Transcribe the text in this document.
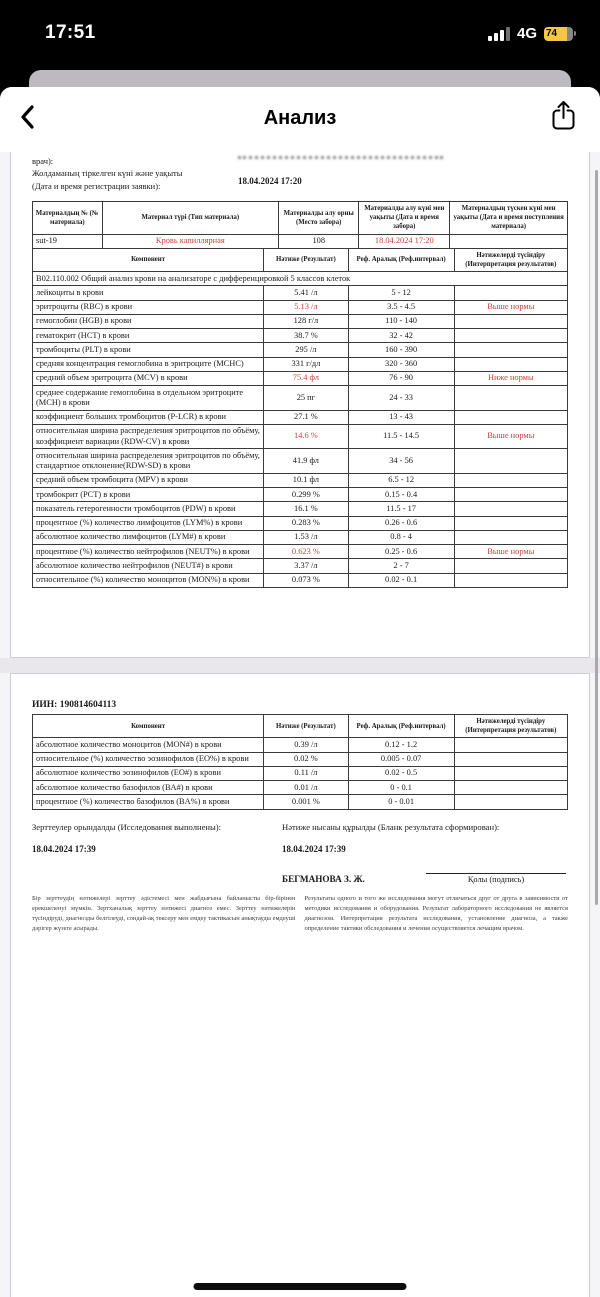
17:51	4G 74
Анализ
врач):
Жолдаманың тіркелген күні және уақыты
(Дата и время регистрации заявки):	18.04.2024 17:20
Материалдың № (№ материала)	Материал түрі (Тип материала)	Материалды алу орны (Место забора)	Материалды алу күні мен уақыты (Дата и время забора)	Материалдың түскен күні мен уақыты (Дата и время поступления материала)
sut-19	Кровь капиллярная	108	18.04.2024 17:20	
Компонент	Нәтиже (Результат)	Реф. Аралық (Реф.интервал)	Нәтижелерді түсіндіру (Интерпретация результатов)
В02.110.002 Общий анализ крови на анализаторе с дифференцировкой 5 классов клеток			
лейкоциты в крови	5.41 /л	5 - 12	
эритроциты (RBC) в крови	5.13 /л	3.5 - 4.5	Выше нормы
гемоглобин (HGB) в крови	128 г/л	110 - 140	
гематокрит (HCT) в крови	38.7 %	32 - 42	
тромбоциты (PLT) в крови	295 /л	160 - 390	
средняя концентрация гемоглобина в эритроците (MCHC)	331 г/дл	320 - 360	
средний объем эритроцита (MCV) в крови	75.4 фл	76 - 90	Ниже нормы
среднее содержание гемоглобина в отдельном эритроците (MCH) в крови	25 пг	24 - 33	
коэффициент больших тромбоцитов (P-LCR) в крови	27.1 %	13 - 43	
относительная ширина распределения эритроцитов по объёму, коэффициент вариации (RDW-CV) в крови	14.6 %	11.5 - 14.5	Выше нормы
относительная ширина распределения эритроцитов по объёму, стандартное отклонение(RDW-SD) в крови	41.9 фл	34 - 56	
средний объем тромбоцита (MPV) в крови	10.1 фл	6.5 - 12	
тромбокрит (PCT) в крови	0.299 %	0.15 - 0.4	
показатель гетерогенности тромбоцитов (PDW) в крови	16.1 %	11.5 - 17	
процентное (%) количество лимфоцитов (LYM%) в крови	0.283 %	0.26 - 0.6	
абсолютное количество лимфоцитов (LYM#) в крови	1.53 /л	0.8 - 4	
процентное (%) количество нейтрофилов (NEUT%) в крови	0.623 %	0.25 - 0.6	Выше нормы
абсолютное количество нейтрофилов (NEUT#) в крови	3.37 /л	2 - 7	
относительное (%) количество моноцитов (MON%) в крови	0.073 %	0.02 - 0.1	
ИИН: 190814604113
Компонент	Нәтиже (Результат)	Реф. Аралық (Реф.интервал)	Нәтижелерді түсіндіру (Интерпретация результатов)
абсолютное количество моноцитов (MON#) в крови	0.39 /л	0.12 - 1.2	
относительное (%) количество эозинофилов (EO%) в крови	0.02 %	0.005 - 0.07	
абсолютное количество эозинофилов (EO#) в крови	0.11 /л	0.02 - 0.5	
абсолютное количество базофилов (BA#) в крови	0.01 /л	0 - 0.1	
процентное (%) количество базофилов (BA%) в крови	0.001 %	0 - 0.01	
Зерттеулер орындалды (Исследования выполнены):
18.04.2024 17:39
Нәтиже нысаны құрылды (Бланк результата сформирован):
18.04.2024 17:39
БЕГМАНОВА З. Ж.	Қолы (подпись)
Бір зерттеудің нәтижелері зерттеу әдістемесі мен жабдығына байланысты бір-бірінен ерекшеленуі мүмкін. Зертханалық зерттеу нәтижесі диагноз емес. Зерттеу нәтижелерін түсіндіруді, диагнозды белгілеуді, сондай-ақ тексеру мен емдеу тактикасын анықтауды емдеуші дәрігер жүзеге асырады.
Результаты одного и того же исследования могут отличаться друг от друга в зависимости от методики исследования и оборудования. Результат лабораторного исследования не является диагнозом. Интерпретация результата исследования, установление диагноза, а также определение тактики обследования и лечения осуществляется лечащим врачом.
